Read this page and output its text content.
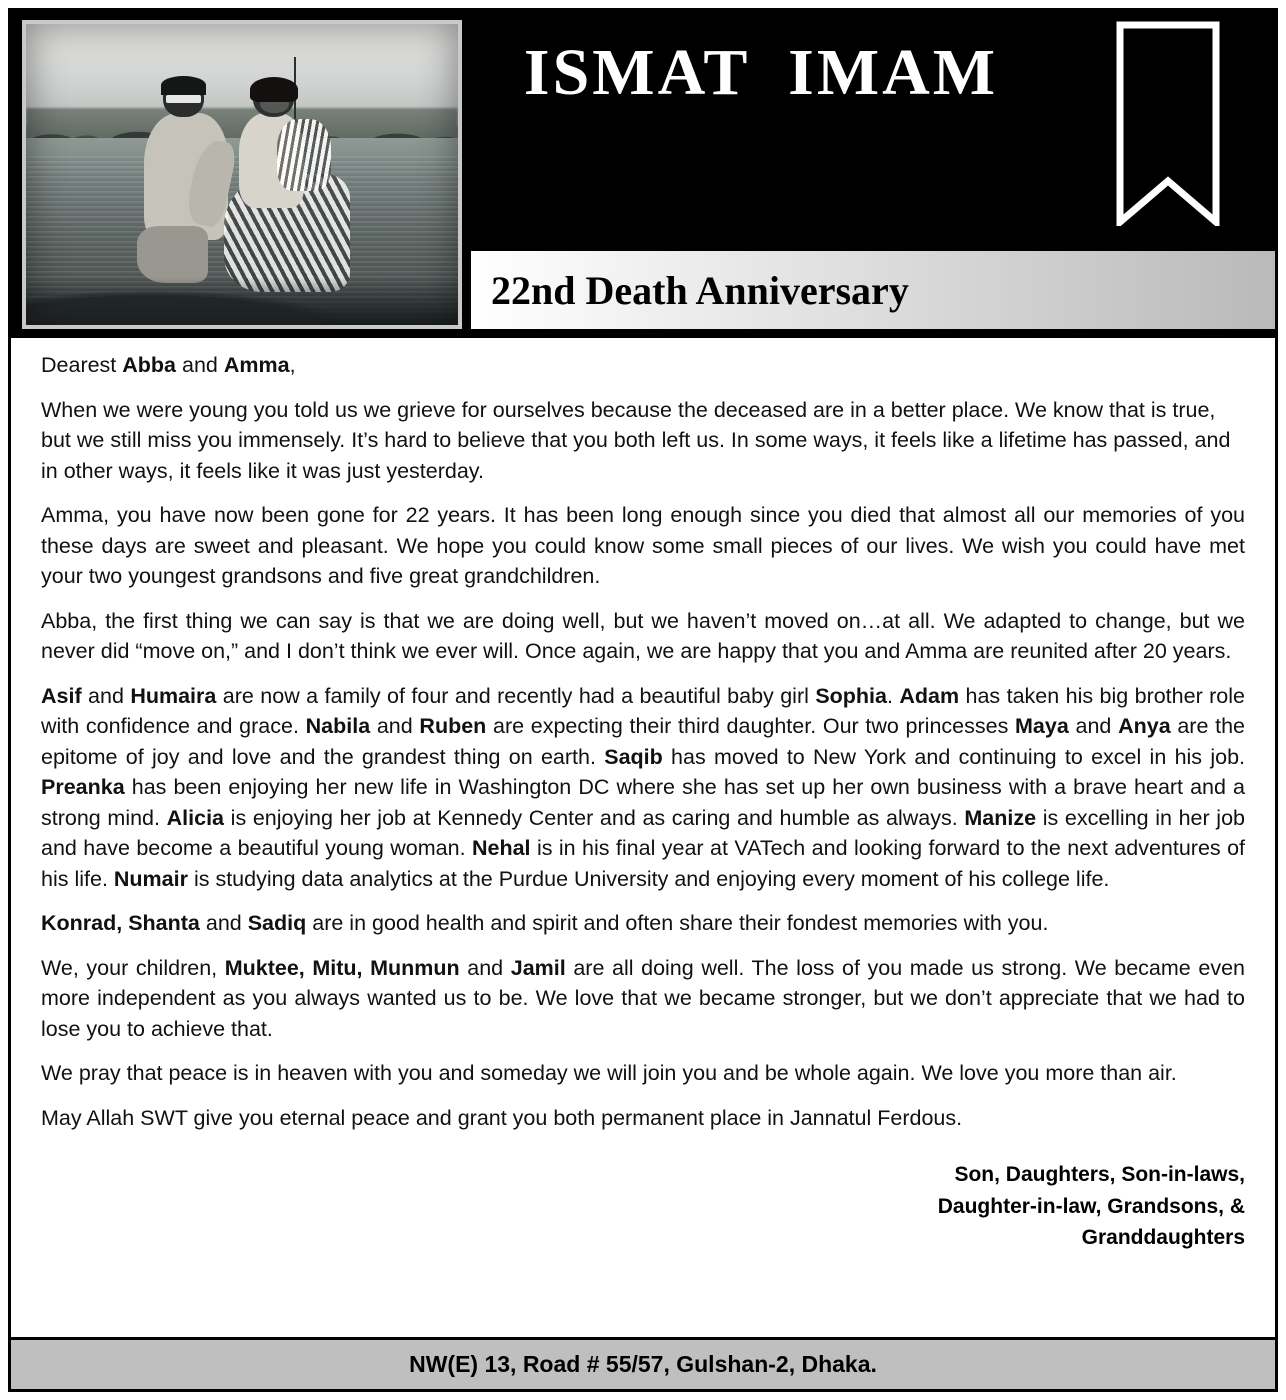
ISMAT  IMAM
22nd Death Anniversary

Dearest Abba and Amma,

When we were young you told us we grieve for ourselves because the deceased are in a better place. We know that is true, but we still miss you immensely. It’s hard to believe that you both left us. In some ways, it feels like a lifetime has passed, and in other ways, it feels like it was just yesterday.

Amma, you have now been gone for 22 years. It has been long enough since you died that almost all our memories of you these days are sweet and pleasant. We hope you could know some small pieces of our lives. We wish you could have met your two youngest grandsons and five great grandchildren.

Abba, the first thing we can say is that we are doing well, but we haven’t moved on…at all. We adapted to change, but we never did “move on,” and I don’t think we ever will. Once again, we are happy that you and Amma are reunited after 20 years.

Asif and Humaira are now a family of four and recently had a beautiful baby girl Sophia. Adam has taken his big brother role with confidence and grace. Nabila and Ruben are expecting their third daughter. Our two princesses Maya and Anya are the epitome of joy and love and the grandest thing on earth. Saqib has moved to New York and continuing to excel in his job. Preanka has been enjoying her new life in Washington DC where she has set up her own business with a brave heart and a strong mind. Alicia is enjoying her job at Kennedy Center and as caring and humble as always. Manize is excelling in her job and have become a beautiful young woman. Nehal is in his final year at VATech and looking forward to the next adventures of his life. Numair is studying data analytics at the Purdue University and enjoying every moment of his college life.

Konrad, Shanta and Sadiq are in good health and spirit and often share their fondest memories with you.

We, your children, Muktee, Mitu, Munmun and Jamil are all doing well. The loss of you made us strong. We became even more independent as you always wanted us to be. We love that we became stronger, but we don’t appreciate that we had to lose you to achieve that.

We pray that peace is in heaven with you and someday we will join you and be whole again. We love you more than air.

May Allah SWT give you eternal peace and grant you both permanent place in Jannatul Ferdous.

Son, Daughters, Son-in-laws,
Daughter-in-law, Grandsons, &
Granddaughters
NW(E) 13, Road # 55/57, Gulshan-2, Dhaka.
